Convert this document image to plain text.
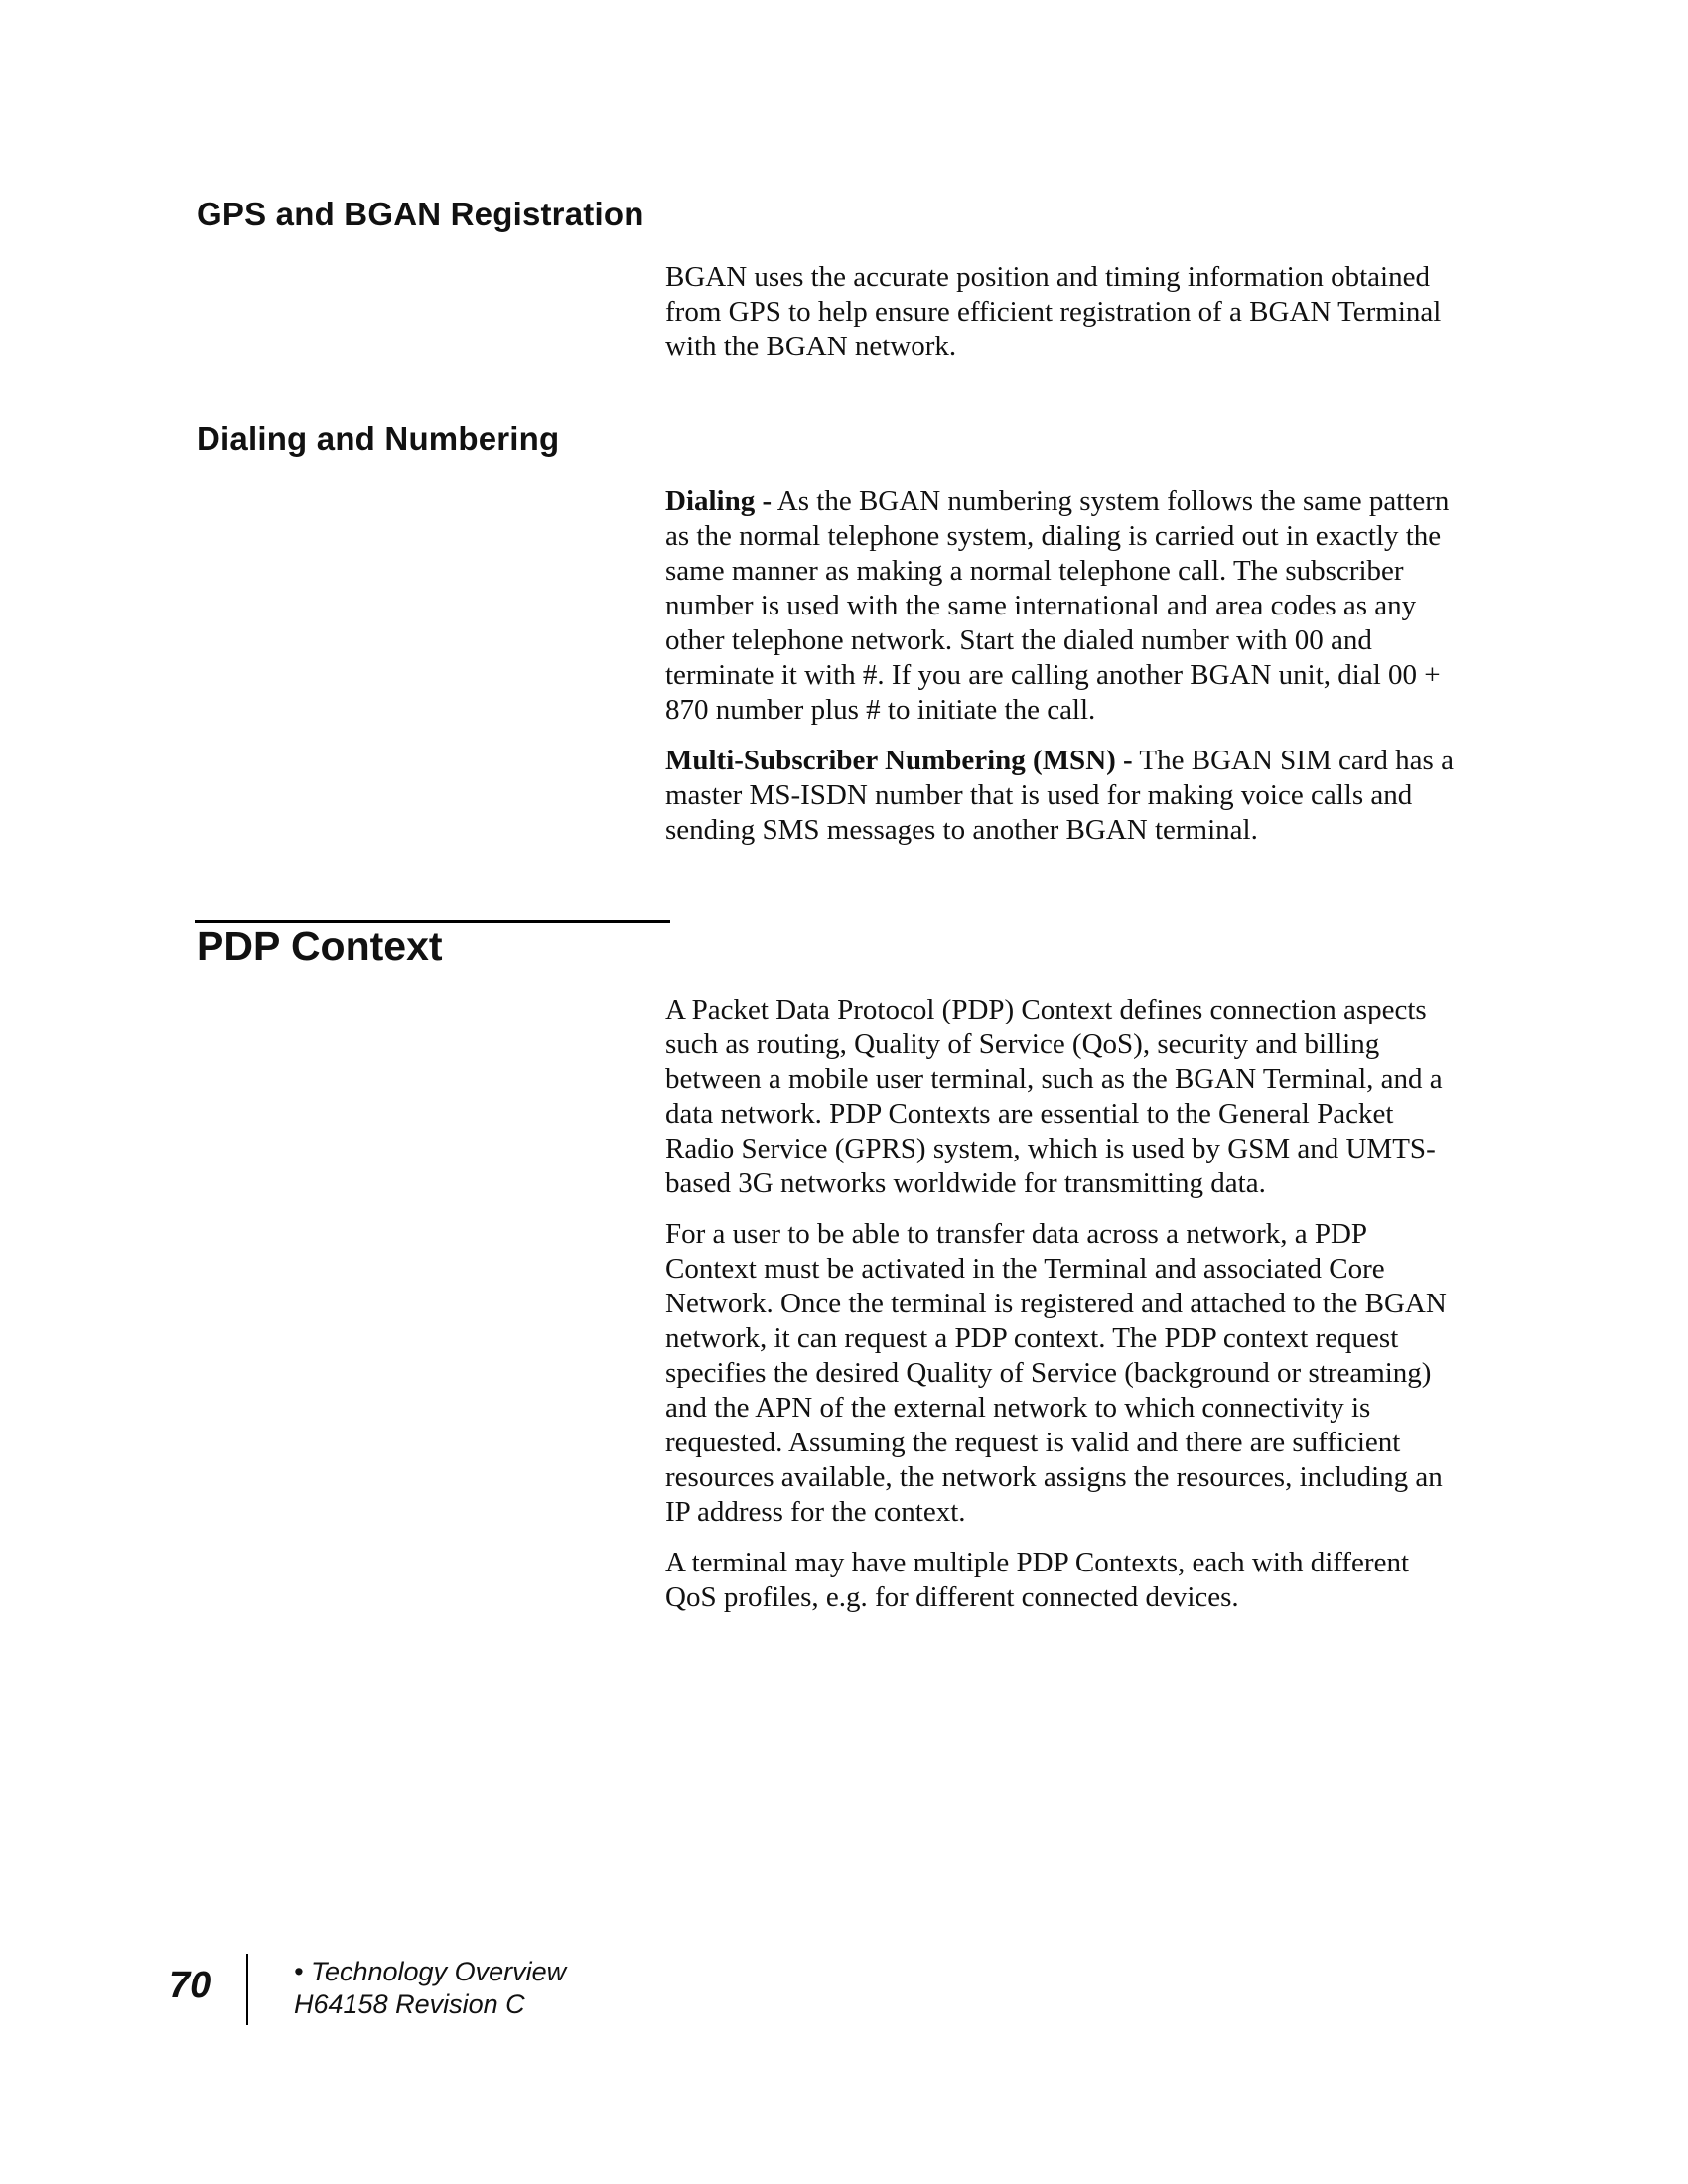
GPS and BGAN Registration

BGAN uses the accurate position and timing information obtained from GPS to help ensure efficient registration of a BGAN Terminal with the BGAN network.

Dialing and Numbering

Dialing - As the BGAN numbering system follows the same pattern as the normal telephone system, dialing is carried out in exactly the same manner as making a normal telephone call. The subscriber number is used with the same international and area codes as any other telephone network. Start the dialed number with 00 and terminate it with #. If you are calling another BGAN unit, dial 00 + 870 number plus # to initiate the call.

Multi-Subscriber Numbering (MSN) - The BGAN SIM card has a master MS-ISDN number that is used for making voice calls and sending SMS messages to another BGAN terminal.

PDP Context

A Packet Data Protocol (PDP) Context defines connection aspects such as routing, Quality of Service (QoS), security and billing between a mobile user terminal, such as the BGAN Terminal, and a data network. PDP Contexts are essential to the General Packet Radio Service (GPRS) system, which is used by GSM and UMTS-based 3G networks worldwide for transmitting data.

For a user to be able to transfer data across a network, a PDP Context must be activated in the Terminal and associated Core Network. Once the terminal is registered and attached to the BGAN network, it can request a PDP context. The PDP context request specifies the desired Quality of Service (background or streaming) and the APN of the external network to which connectivity is requested. Assuming the request is valid and there are sufficient resources available, the network assigns the resources, including an IP address for the context.

A terminal may have multiple PDP Contexts, each with different QoS profiles, e.g. for different connected devices.

70	• Technology Overview
H64158 Revision C
